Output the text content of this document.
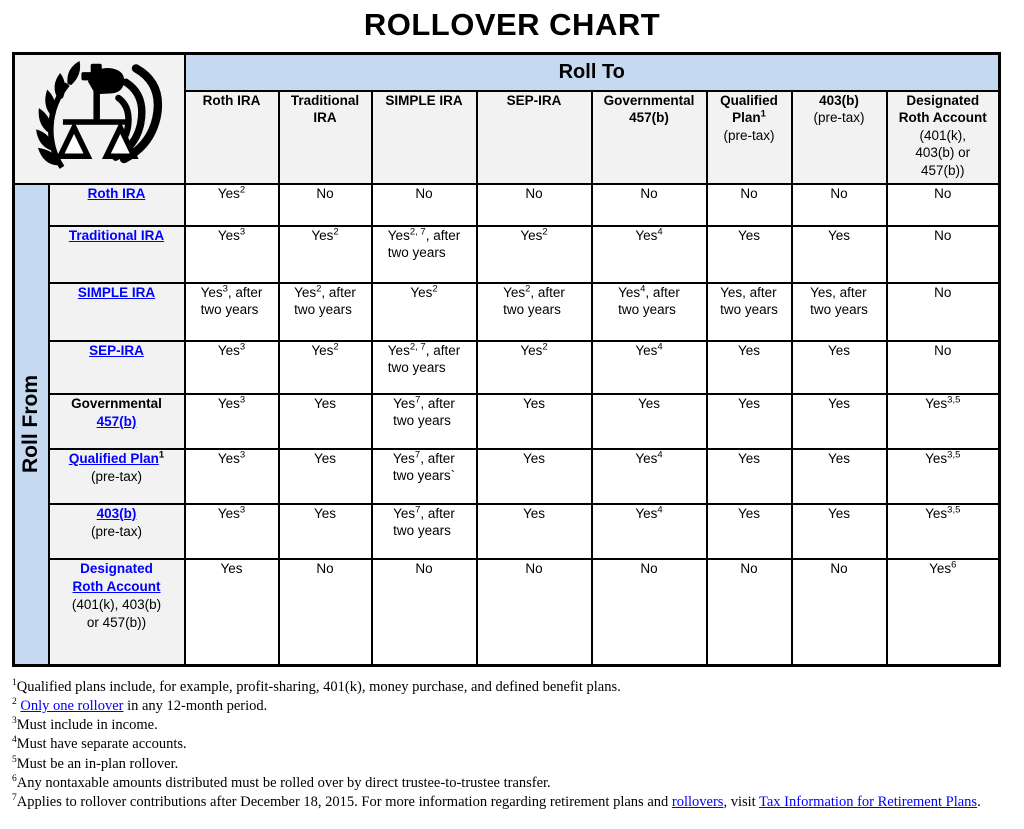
ROLLOVER CHART
	Roll To							
		Roth IRA	Traditional
IRA	SIMPLE IRA	SEP-IRA	Governmental
457(b)	Qualified
Plan$^1$
(pre-tax)	403(b)
(pre-tax)	Designated
Roth Account
(401(k),
403(b) or
457(b))

Roll From	Roth IRA	Yes$^2$	No	No	No	No	No	No	No
	Traditional IRA	Yes$^3$	Yes$^2$	Yes$^{2, 7}$, after
two years	Yes$^2$	Yes$^4$	Yes	Yes	No
	SIMPLE IRA	Yes$^3$, after
two years	Yes$^2$, after
two years	Yes$^2$	Yes$^2$, after
two years	Yes$^4$, after
two years	Yes, after
two years	Yes, after
two years	No
	SEP-IRA	Yes$^3$	Yes$^2$	Yes$^{2, 7}$, after
two years	Yes$^2$	Yes$^4$	Yes	Yes	No
	Governmental
457(b)	Yes$^3$	Yes	Yes$^7$, after
two years	Yes	Yes	Yes	Yes	Yes$^{3,5}$
	Qualified Plan$^1$
(pre-tax)	Yes$^3$	Yes	Yes$^7$, after
two years`	Yes	Yes$^4$	Yes	Yes	Yes$^{3,5}$
	403(b)
(pre-tax)	Yes$^3$	Yes	Yes$^7$, after
two years	Yes	Yes$^4$	Yes	Yes	Yes$^{3,5}$
	Designated
Roth Account
(401(k), 403(b)
or 457(b))	Yes	No	No	No	No	No	No	Yes$^6$
$^1$Qualified plans include, for example, profit-sharing, 401(k), money purchase, and defined benefit plans.
$^2$ Only one rollover in any 12-month period.
$^3$Must include in income.
$^4$Must have separate accounts.
$^5$Must be an in-plan rollover.
$^6$Any nontaxable amounts distributed must be rolled over by direct trustee-to-trustee transfer.
$^7$Applies to rollover contributions after December 18, 2015. For more information regarding retirement plans and rollovers, visit Tax Information for Retirement Plans.
